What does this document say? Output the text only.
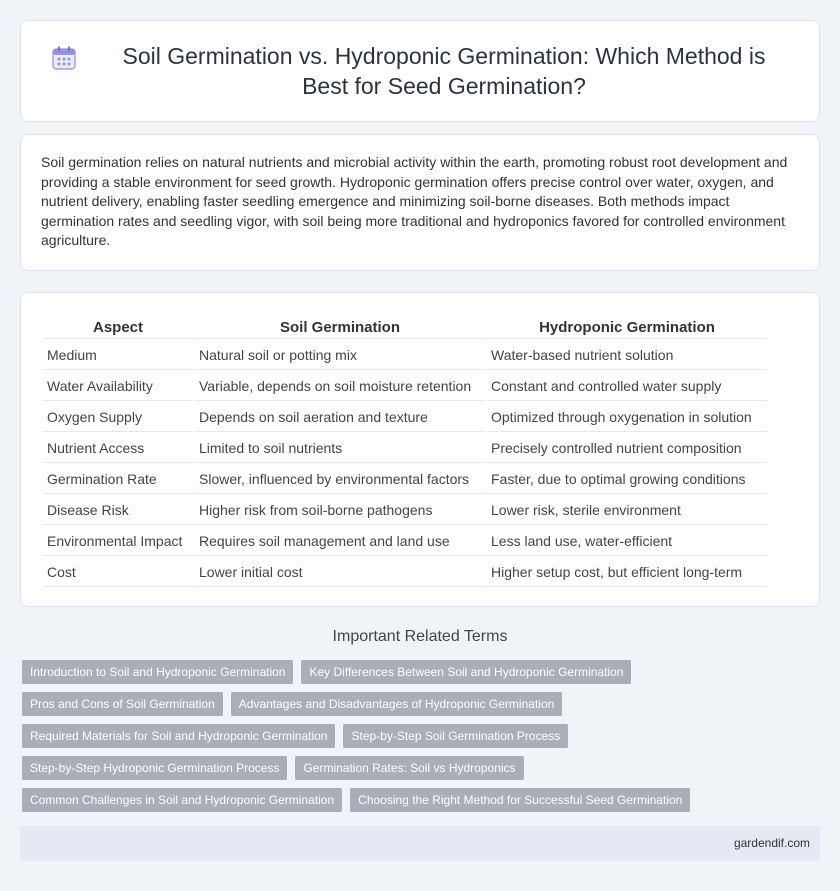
Soil Germination vs. Hydroponic Germination: Which Method is Best for Seed Germination?

Soil germination relies on natural nutrients and microbial activity within the earth, promoting robust root development and providing a stable environment for seed growth. Hydroponic germination offers precise control over water, oxygen, and nutrient delivery, enabling faster seedling emergence and minimizing soil-borne diseases. Both methods impact germination rates and seedling vigor, with soil being more traditional and hydroponics favored for controlled environment agriculture.

Aspect	Soil Germination	Hydroponic Germination
Medium	Natural soil or potting mix	Water-based nutrient solution
Water Availability	Variable, depends on soil moisture retention	Constant and controlled water supply
Oxygen Supply	Depends on soil aeration and texture	Optimized through oxygenation in solution
Nutrient Access	Limited to soil nutrients	Precisely controlled nutrient composition
Germination Rate	Slower, influenced by environmental factors	Faster, due to optimal growing conditions
Disease Risk	Higher risk from soil-borne pathogens	Lower risk, sterile environment
Environmental Impact	Requires soil management and land use	Less land use, water-efficient
Cost	Lower initial cost	Higher setup cost, but efficient long-term
Important Related Terms
Introduction to Soil and Hydroponic Germination	Key Differences Between Soil and Hydroponic Germination
Pros and Cons of Soil Germination	Advantages and Disadvantages of Hydroponic Germination
Required Materials for Soil and Hydroponic Germination	Step-by-Step Soil Germination Process
Step-by-Step Hydroponic Germination Process	Germination Rates: Soil vs Hydroponics
Common Challenges in Soil and Hydroponic Germination	Choosing the Right Method for Successful Seed Germination
gardendif.com
